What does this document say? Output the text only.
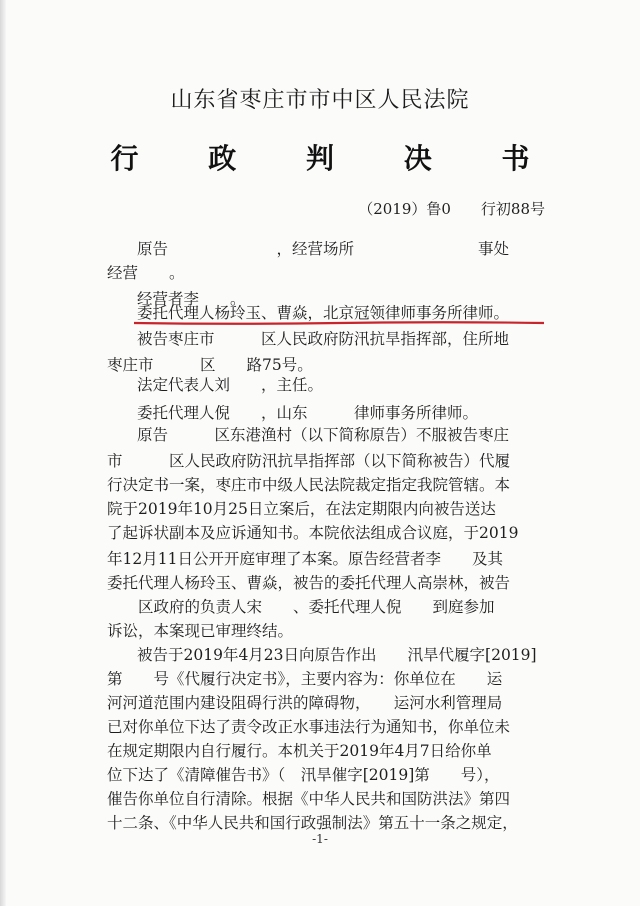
山东省枣庄市市中区人民法院
行 政 判 决 书
（2019）鲁0　　行初88号
原告　　　　　　　，经营场所　　　　　　　　事处
经营　　。
经营者李　　。
委托代理人杨玲玉、曹焱，北京冠领律师事务所律师。
被告枣庄市　　　区人民政府防汛抗旱指挥部，住所地
枣庄市　　　区　　路75号。
法定代表人刘　　，主任。
委托代理人倪　　，山东　　　律师事务所律师。
原告　　　区东港渔村（以下简称原告）不服被告枣庄
市　　　区人民政府防汛抗旱指挥部（以下简称被告）代履
行决定书一案，枣庄市中级人民法院裁定指定我院管辖。本
院于2019年10月25日立案后，在法定期限内向被告送达
了起诉状副本及应诉通知书。本院依法组成合议庭，于2019
年12月11日公开开庭审理了本案。原告经营者李　　及其
委托代理人杨玲玉、曹焱，被告的委托代理人高崇林，被告
　　区政府的负责人宋　　、委托代理人倪　　到庭参加
诉讼，本案现已审理终结。
被告于2019年4月23日向原告作出　　汛旱代履字[2019]
第　　号《代履行决定书》，主要内容为：你单位在　　运
河河道范围内建设阻碍行洪的障碍物，　　运河水利管理局
已对你单位下达了责令改正水事违法行为通知书，你单位未
在规定期限内自行履行。本机关于2019年4月7日给你单
位下达了《清障催告书》（　汛旱催字[2019]第　　号），
催告你单位自行清除。根据《中华人民共和国防洪法》第四
十二条、《中华人民共和国行政强制法》第五十一条之规定，
-1-
